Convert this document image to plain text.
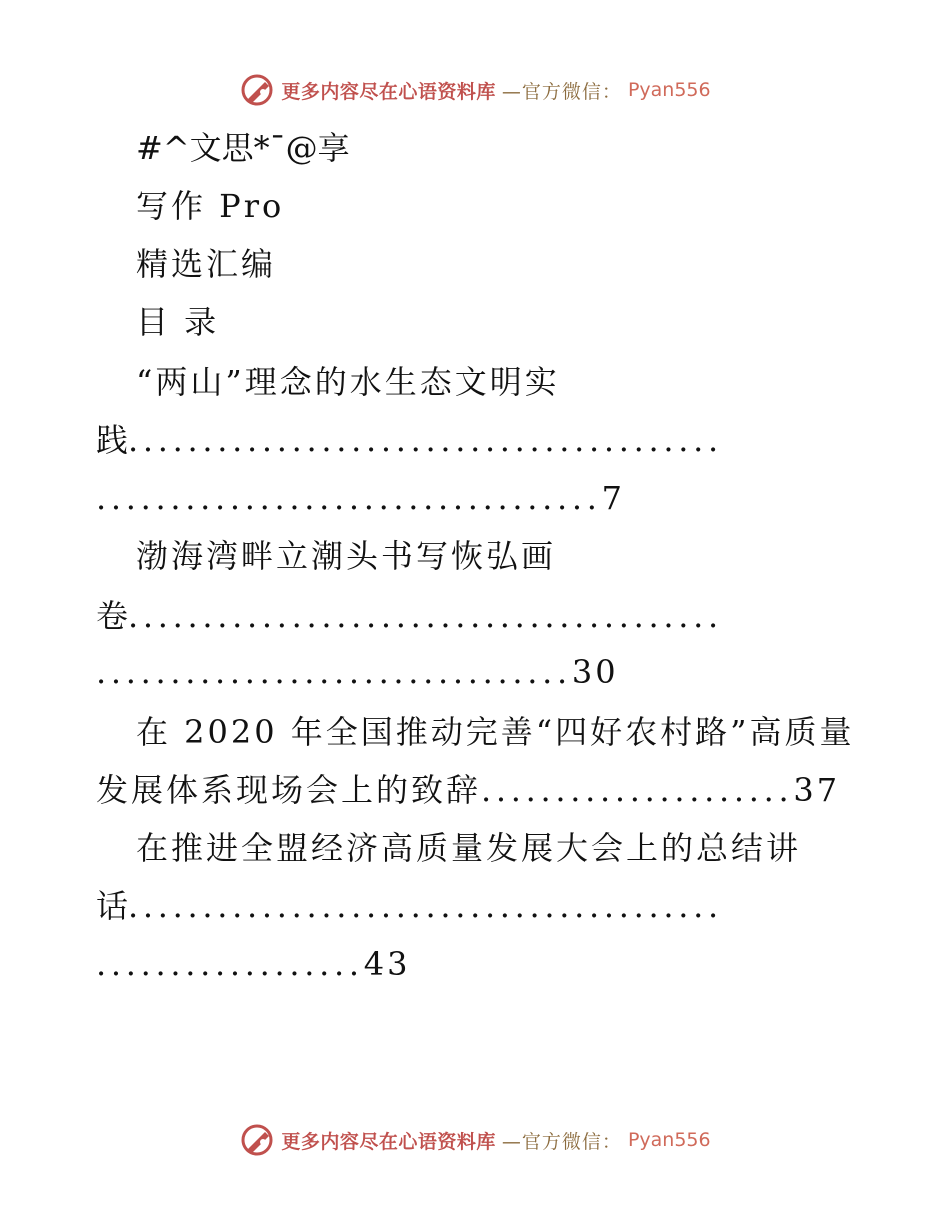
更多内容尽在心语资料库 —官方微信： Pyan556
#^文思*¯@享
写作 Pro
精选汇编
目 录
“两山”理念的水生态文明实
践........................................
..................................7
渤海湾畔立潮头书写恢弘画
卷........................................
................................30
在 2020 年全国推动完善“四好农村路”高质量
发展体系现场会上的致辞.....................37
在推进全盟经济高质量发展大会上的总结讲
话........................................
..................43
更多内容尽在心语资料库 —官方微信： Pyan556
